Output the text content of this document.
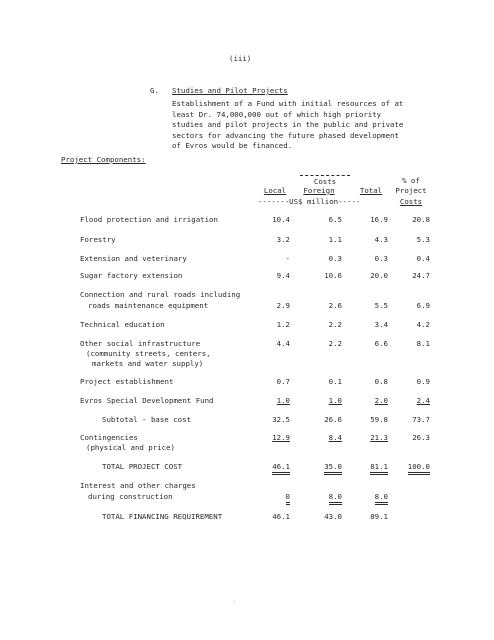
(iii)
G. Studies and Pilot Projects
Establishment of a Fund with initial resources of at
least Dr. 74,000,000 out of which high priority
studies and pilot projects in the public and private
sectors for advancing the future phased development
of Evros would be financed.
Project Components:
Costs	% of
Project
Local	Foreign	Total
-------US$ million-----	Costs
Flood protection and irrigation	10.4	6.5	16.9	20.8
Forestry	3.2	1.1	4.3	5.3
Extension and veterinary	-	0.3	0.3	0.4
Sugar factory extension	9.4	10.6	20.0	24.7
Connection and rural roads including
roads maintenance equipment	2.9	2.6	5.5	6.9
Technical education	1.2	2.2	3.4	4.2
Other social infrastructure
(community streets, centers,
markets and water supply)
4.4	2.2	6.6	8.1
Project establishment	0.7	0.1	0.8	0.9
Evros Special Development Fund	1.0	1.0	2.0	2.4
Subtotal - base cost	32.5	26.6	59.8	73.7
Contingencies
(physical and price)
12.9	8.4	21.3	26.3
TOTAL PROJECT COST	46.1	35.0	81.1	100.0
Interest and other charges
during construction	0	8.0	8.0
TOTAL FINANCING REQUIREMENT	46.1	43.0	89.1
